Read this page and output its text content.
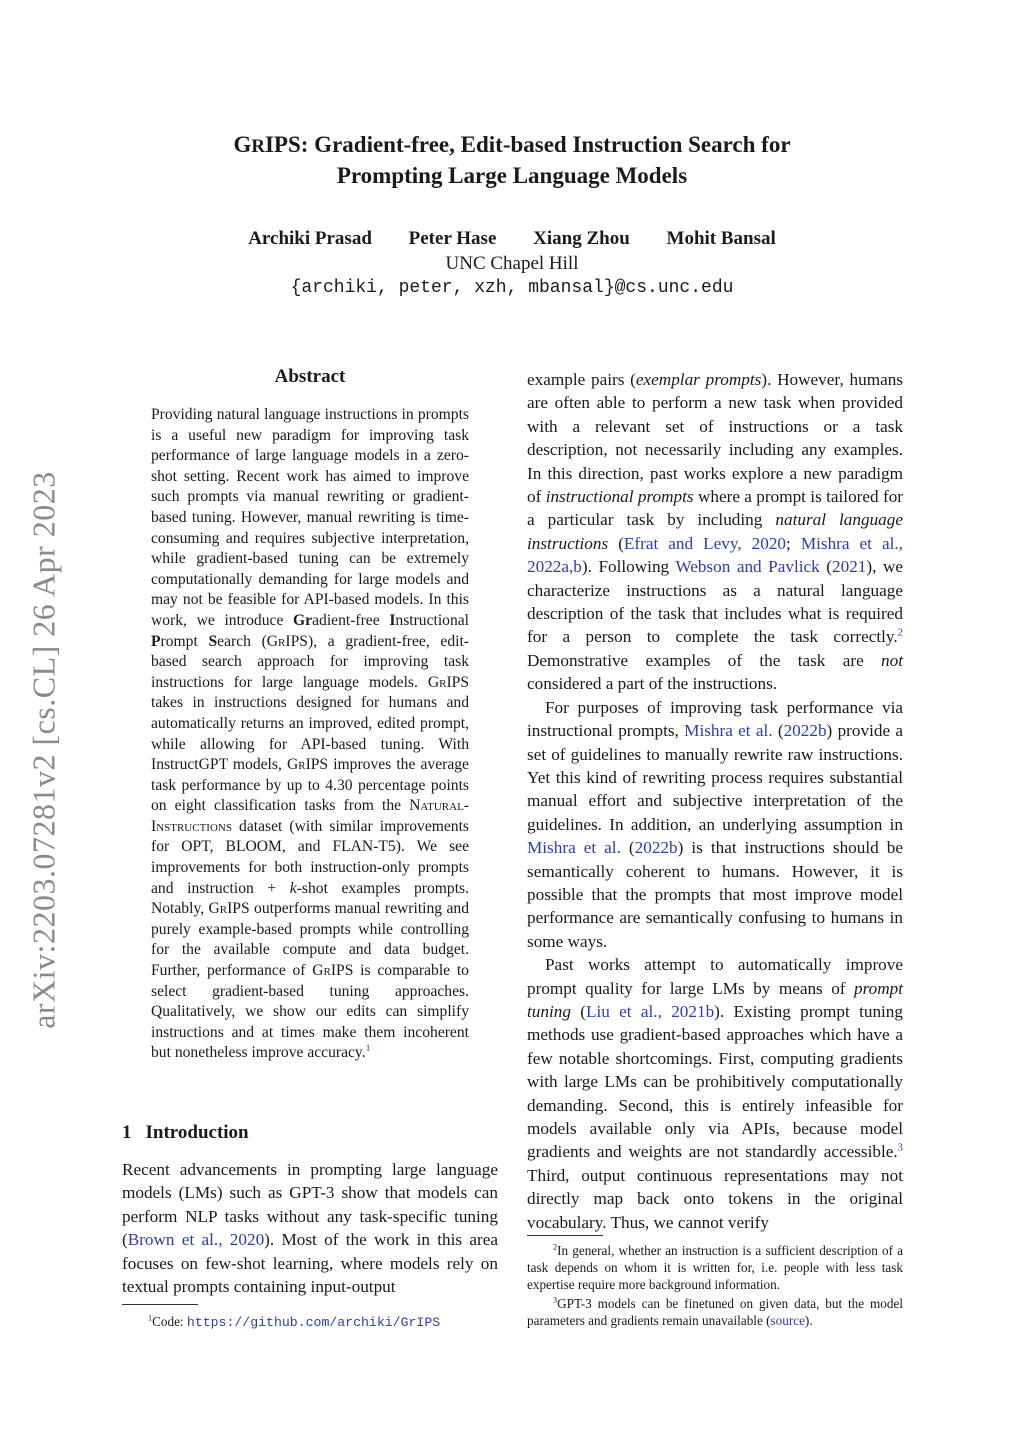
arXiv:2203.07281v2 [cs.CL] 26 Apr 2023
GRIPS: Gradient-free, Edit-based Instruction Search for
Prompting Large Language Models
Archiki Prasad Peter Hase Xiang Zhou Mohit Bansal
UNC Chapel Hill
{archiki, peter, xzh, mbansal}@cs.unc.edu
Abstract
Providing natural language instructions in prompts is a useful new paradigm for improving task performance of large language models in a zero-shot setting. Recent work has aimed to improve such prompts via manual rewriting or gradient-based tuning. However, manual rewriting is time-consuming and requires subjective interpretation, while gradient-based tuning can be extremely computationally demanding for large models and may not be feasible for API-based models. In this work, we introduce Gradient-free Instructional Prompt Search (GrIPS), a gradient-free, edit-based search approach for improving task instructions for large language models. GrIPS takes in instructions designed for humans and automatically returns an improved, edited prompt, while allowing for API-based tuning. With InstructGPT models, GrIPS improves the average task performance by up to 4.30 percentage points on eight classification tasks from the Natural-Instructions dataset (with similar improvements for OPT, BLOOM, and FLAN-T5). We see improvements for both instruction-only prompts and instruction + k-shot examples prompts. Notably, GrIPS outperforms manual rewriting and purely example-based prompts while controlling for the available compute and data budget. Further, performance of GrIPS is comparable to select gradient-based tuning approaches. Qualitatively, we show our edits can simplify instructions and at times make them incoherent but nonetheless improve accuracy.$^1$
1 Introduction
Recent advancements in prompting large language models (LMs) such as GPT-3 show that models can perform NLP tasks without any task-specific tuning (Brown et al., 2020). Most of the work in this area focuses on few-shot learning, where models rely on textual prompts containing input-output
$^1$Code: https://github.com/archiki/GrIPS

example pairs (exemplar prompts). However, humans are often able to perform a new task when provided with a relevant set of instructions or a task description, not necessarily including any examples. In this direction, past works explore a new paradigm of instructional prompts where a prompt is tailored for a particular task by including natural language instructions (Efrat and Levy, 2020; Mishra et al., 2022a,b). Following Webson and Pavlick (2021), we characterize instructions as a natural language description of the task that includes what is required for a person to complete the task correctly.$^2$ Demonstrative examples of the task are not considered a part of the instructions.

For purposes of improving task performance via instructional prompts, Mishra et al. (2022b) provide a set of guidelines to manually rewrite raw instructions. Yet this kind of rewriting process requires substantial manual effort and subjective interpretation of the guidelines. In addition, an underlying assumption in Mishra et al. (2022b) is that instructions should be semantically coherent to humans. However, it is possible that the prompts that most improve model performance are semantically confusing to humans in some ways.

Past works attempt to automatically improve prompt quality for large LMs by means of prompt tuning (Liu et al., 2021b). Existing prompt tuning methods use gradient-based approaches which have a few notable shortcomings. First, computing gradients with large LMs can be prohibitively computationally demanding. Second, this is entirely infeasible for models available only via APIs, because model gradients and weights are not standardly accessible.$^3$ Third, output continuous representations may not directly map back onto tokens in the original vocabulary. Thus, we cannot verify

$^2$In general, whether an instruction is a sufficient description of a task depends on whom it is written for, i.e. people with less task expertise require more background information.
$^3$GPT-3 models can be finetuned on given data, but the model parameters and gradients remain unavailable (source).
